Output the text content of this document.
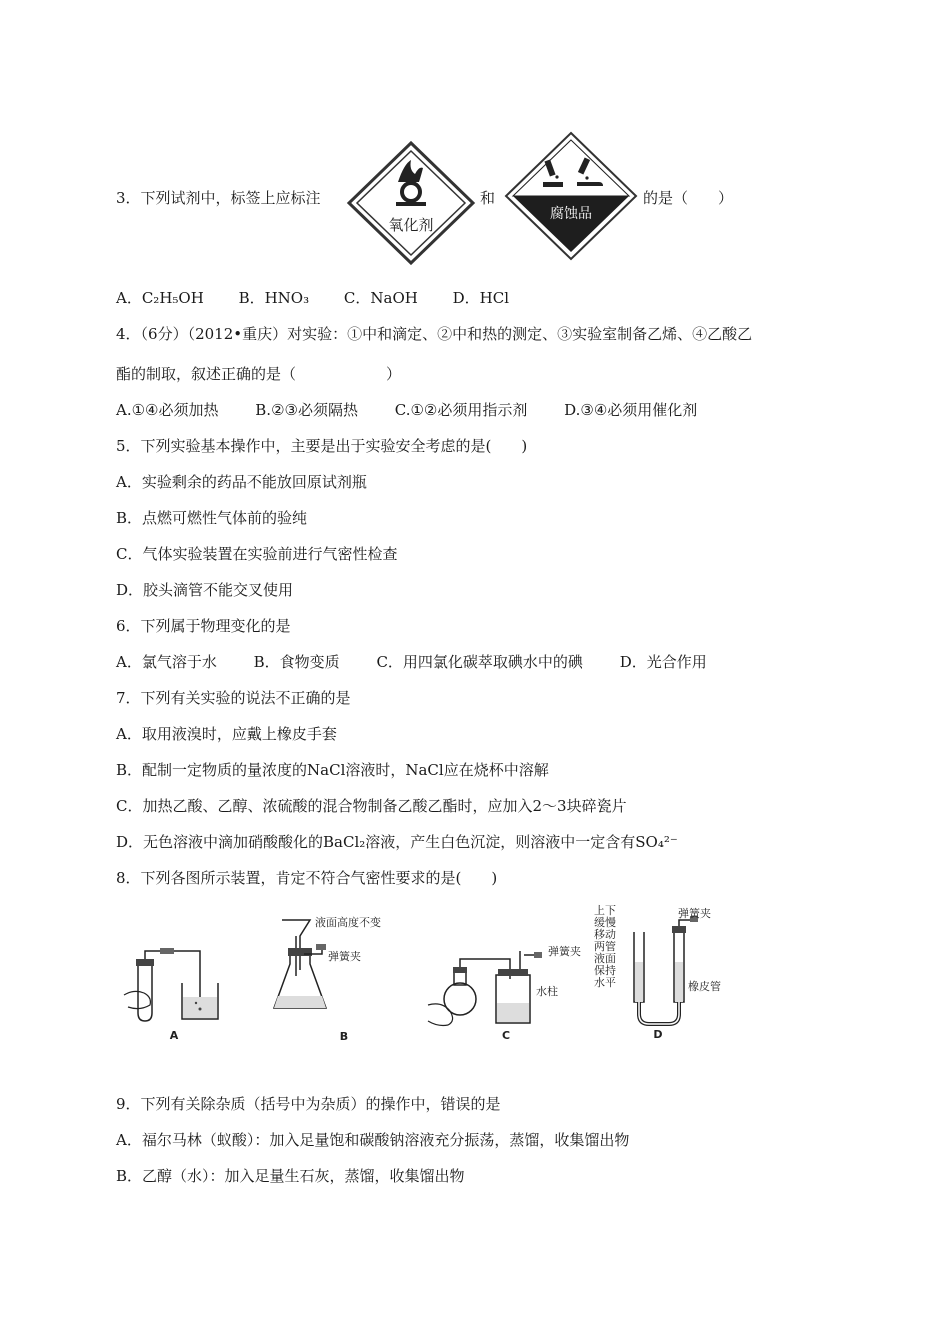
3．下列试剂中，标签上应标注
氧化剂
和
腐蚀品
的是（　　）
A．C₂H₅OH B．HNO₃ C．NaOH D．HCl
4．（6分）（2012•重庆）对实验：①中和滴定、②中和热的测定、③实验室制备乙烯、④乙酸乙
酯的制取，叙述正确的是（　　　　　　）
A.①④必须加热 B.②③必须隔热 C.①②必须用指示剂 D.③④必须用催化剂
5．下列实验基本操作中，主要是出于实验安全考虑的是(　　)
A．实验剩余的药品不能放回原试剂瓶
B．点燃可燃性气体前的验纯
C．气体实验装置在实验前进行气密性检查
D．胶头滴管不能交叉使用
6．下列属于物理变化的是
A．氯气溶于水 B．食物变质 C．用四氯化碳萃取碘水中的碘 D．光合作用
7．下列有关实验的说法不正确的是
A．取用液溴时，应戴上橡皮手套
B．配制一定物质的量浓度的NaCl溶液时，NaCl应在烧杯中溶解
C．加热乙酸、乙醇、浓硫酸的混合物制备乙酸乙酯时，应加入2～3块碎瓷片
D．无色溶液中滴加硝酸酸化的BaCl₂溶液，产生白色沉淀，则溶液中一定含有SO₄²⁻
8．下列各图所示装置，肯定不符合气密性要求的是(　　)
A
液面高度不变
弹簧夹
B
弹簧夹
水柱
C
上下
缓慢
移动
两管
液面
保持
水平
弹簧夹
橡皮管
D
9．下列有关除杂质（括号中为杂质）的操作中，错误的是
A．福尔马林（蚁酸）：加入足量饱和碳酸钠溶液充分振荡，蒸馏，收集馏出物
B．乙醇（水）：加入足量生石灰，蒸馏，收集馏出物
